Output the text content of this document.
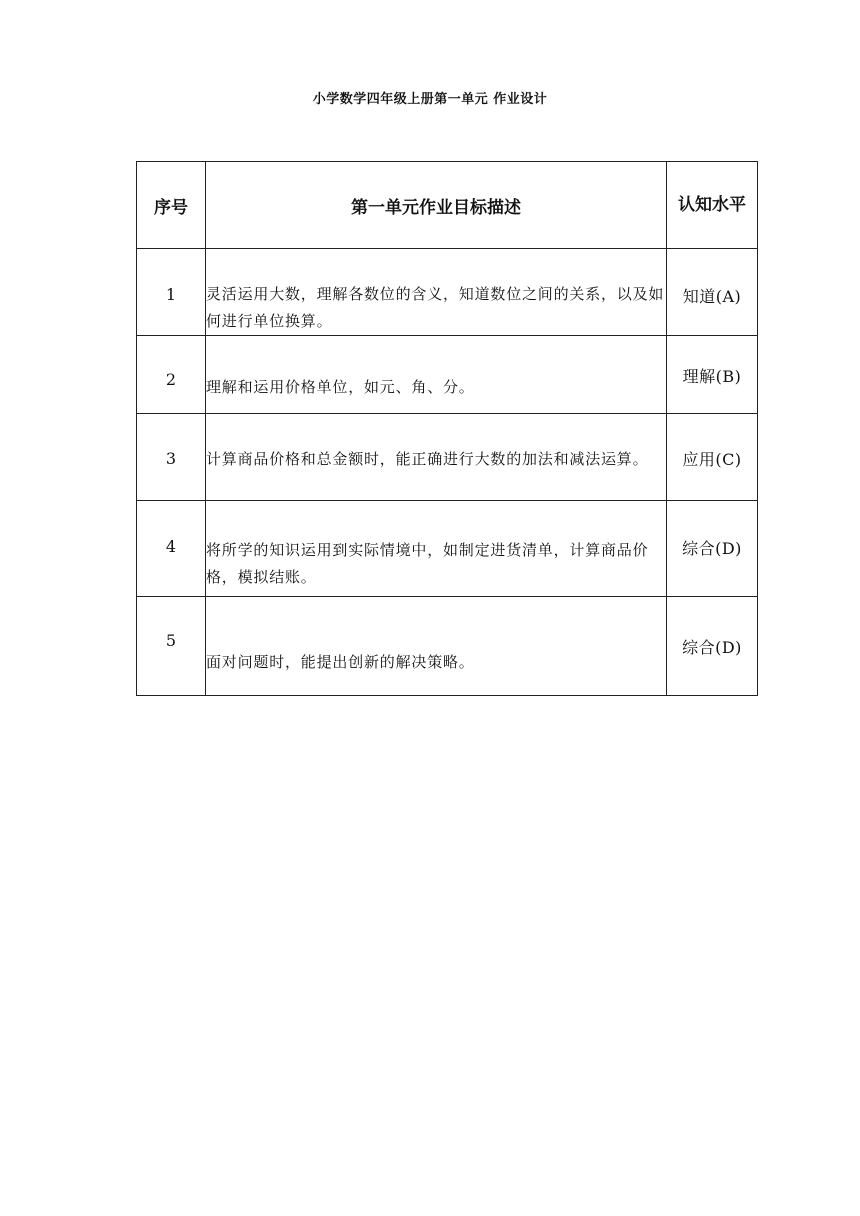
小学数学四年级上册第一单元 作业设计
序号	第一单元作业目标描述	认知水平
1	灵活运用大数，理解各数位的含义，知道数位之间的关系，以及如何进行单位换算。	知道(A)
2	理解和运用价格单位，如元、角、分。	理解(B)
3	计算商品价格和总金额时，能正确进行大数的加法和减法运算。	应用(C)
4	将所学的知识运用到实际情境中，如制定进货清单，计算商品价格，模拟结账。	综合(D)
5	面对问题时，能提出创新的解决策略。	综合(D)
